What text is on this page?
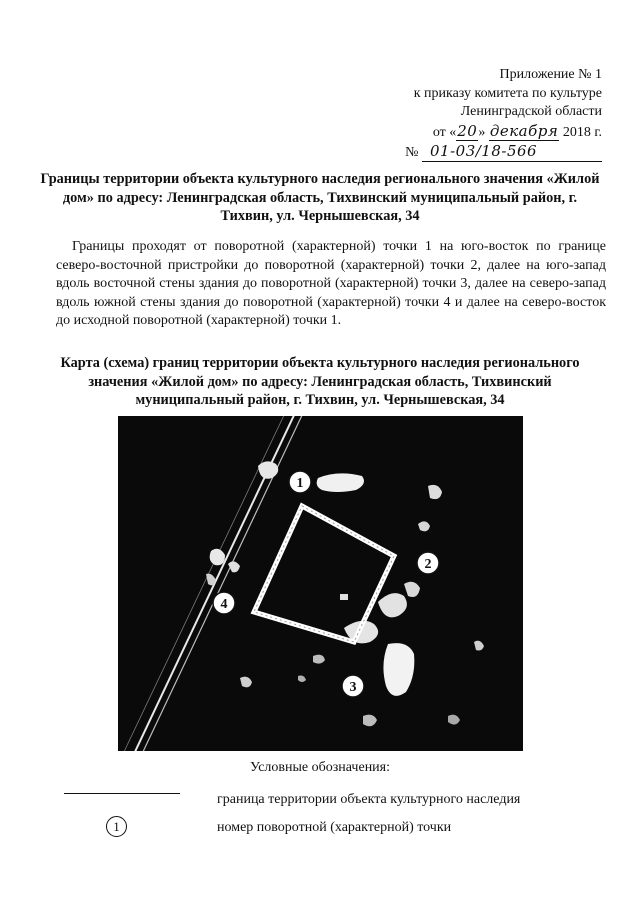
Приложение № 1
к приказу комитета по культуре
Ленинградской области
от «20» декабря 2018 г.
№ 01-03/18-566
Границы территории объекта культурного наследия регионального значения «Жилой дом» по адресу: Ленинградская область, Тихвинский муниципальный район, г. Тихвин, ул. Чернышевская, 34
Границы проходят от поворотной (характерной) точки 1 на юго-восток по границе северо-восточной пристройки до поворотной (характерной) точки 2, далее на юго-запад вдоль восточной стены здания до поворотной (характерной) точки 3, далее на северо-запад вдоль южной стены здания до поворотной (характерной) точки 4 и далее на северо-восток до исходной поворотной (характерной) точки 1.
Карта (схема) границ территории объекта культурного наследия регионального значения «Жилой дом» по адресу: Ленинградская область, Тихвинский муниципальный район, г. Тихвин, ул. Чернышевская, 34
1
2
3
4
Условные обозначения:
граница территории объекта культурного наследия
1	номер поворотной (характерной) точки
